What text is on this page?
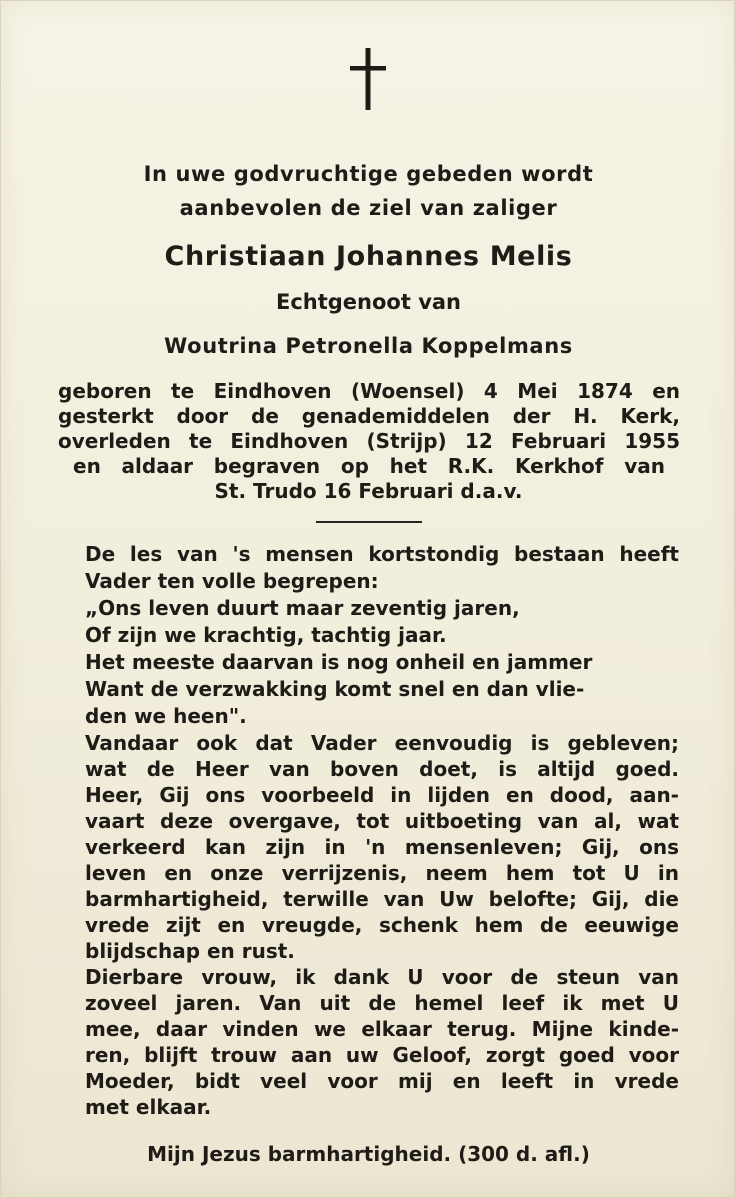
In uwe godvruchtige gebeden wordt
aanbevolen de ziel van zaliger
Christiaan Johannes Melis
Echtgenoot van
Woutrina Petronella Koppelmans
geboren te Eindhoven (Woensel) 4 Mei 1874 en
gesterkt door de genademiddelen der H. Kerk,
overleden te Eindhoven (Strijp) 12 Februari 1955
en aldaar begraven op het R.K. Kerkhof van
St. Trudo 16 Februari d.a.v.
De les van 's mensen kortstondig bestaan heeft
Vader ten volle begrepen:
„Ons leven duurt maar zeventig jaren,
Of zijn we krachtig, tachtig jaar.
Het meeste daarvan is nog onheil en jammer
Want de verzwakking komt snel en dan vlie-
den we heen".
Vandaar ook dat Vader eenvoudig is gebleven;
wat de Heer van boven doet, is altijd goed.
Heer, Gij ons voorbeeld in lijden en dood, aan-
vaart deze overgave, tot uitboeting van al, wat
verkeerd kan zijn in 'n mensenleven; Gij, ons
leven en onze verrijzenis, neem hem tot U in
barmhartigheid, terwille van Uw belofte; Gij, die
vrede zijt en vreugde, schenk hem de eeuwige
blijdschap en rust.
Dierbare vrouw, ik dank U voor de steun van
zoveel jaren. Van uit de hemel leef ik met U
mee, daar vinden we elkaar terug. Mijne kinde-
ren, blijft trouw aan uw Geloof, zorgt goed voor
Moeder, bidt veel voor mij en leeft in vrede
met elkaar.
Mijn Jezus barmhartigheid. (300 d. afl.)
